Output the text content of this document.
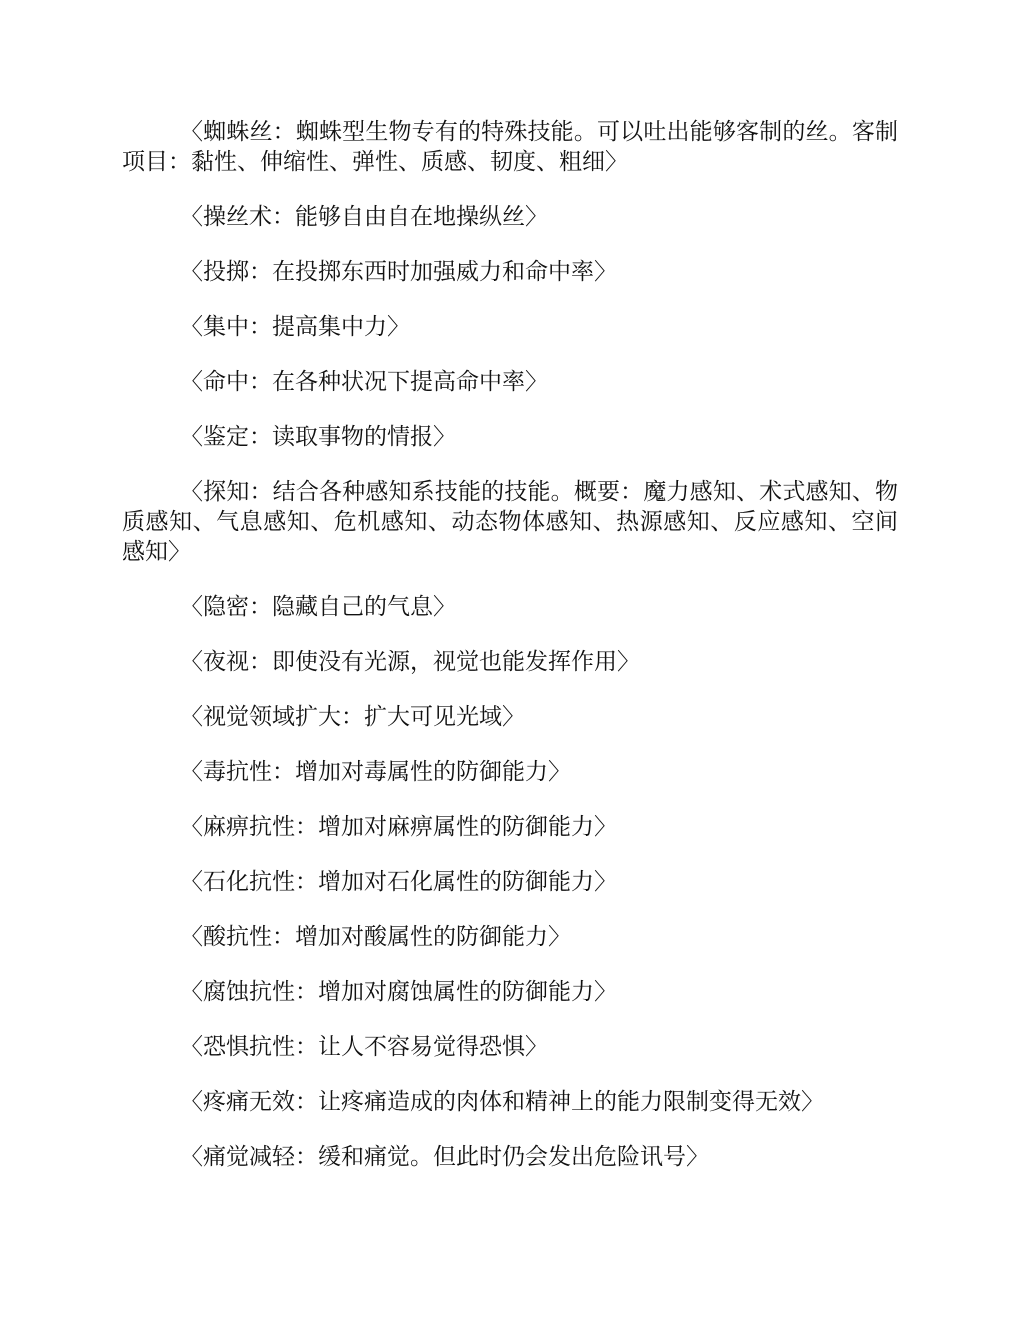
〈蜘蛛丝：蜘蛛型生物专有的特殊技能。可以吐出能够客制的丝。客制项目：黏性、伸缩性、弹性、质感、韧度、粗细〉

〈操丝术：能够自由自在地操纵丝〉

〈投掷：在投掷东西时加强威力和命中率〉

〈集中：提高集中力〉

〈命中：在各种状况下提高命中率〉

〈鉴定：读取事物的情报〉

〈探知：结合各种感知系技能的技能。概要：魔力感知、术式感知、物质感知、气息感知、危机感知、动态物体感知、热源感知、反应感知、空间感知〉

〈隐密：隐藏自己的气息〉

〈夜视：即使没有光源，视觉也能发挥作用〉

〈视觉领域扩大：扩大可见光域〉

〈毒抗性：增加对毒属性的防御能力〉

〈麻痹抗性：增加对麻痹属性的防御能力〉

〈石化抗性：增加对石化属性的防御能力〉

〈酸抗性：增加对酸属性的防御能力〉

〈腐蚀抗性：增加对腐蚀属性的防御能力〉

〈恐惧抗性：让人不容易觉得恐惧〉

〈疼痛无效：让疼痛造成的肉体和精神上的能力限制变得无效〉

〈痛觉减轻：缓和痛觉。但此时仍会发出危险讯号〉
